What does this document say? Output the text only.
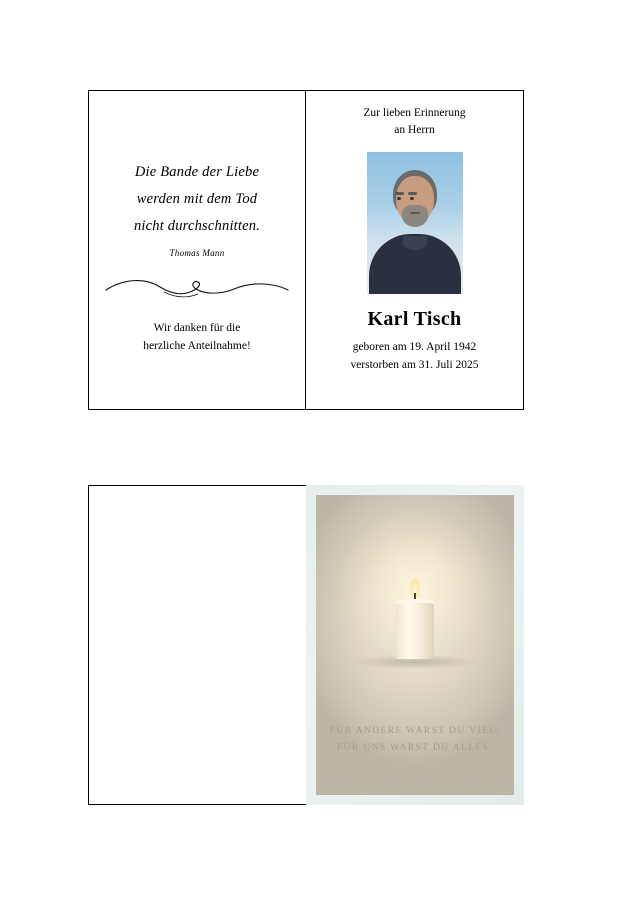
Die Bande der Liebe
werden mit dem Tod
nicht durchschnitten.
Thomas Mann
Wir danken für die
herzliche Anteilnahme!
Zur lieben Erinnerung
an Herrn
Karl Tisch
geboren am 19. April 1942
verstorben am 31. Juli 2025
FÜR ANDERE WARST DU VIEL,
FÜR UNS WARST DU ALLES.
